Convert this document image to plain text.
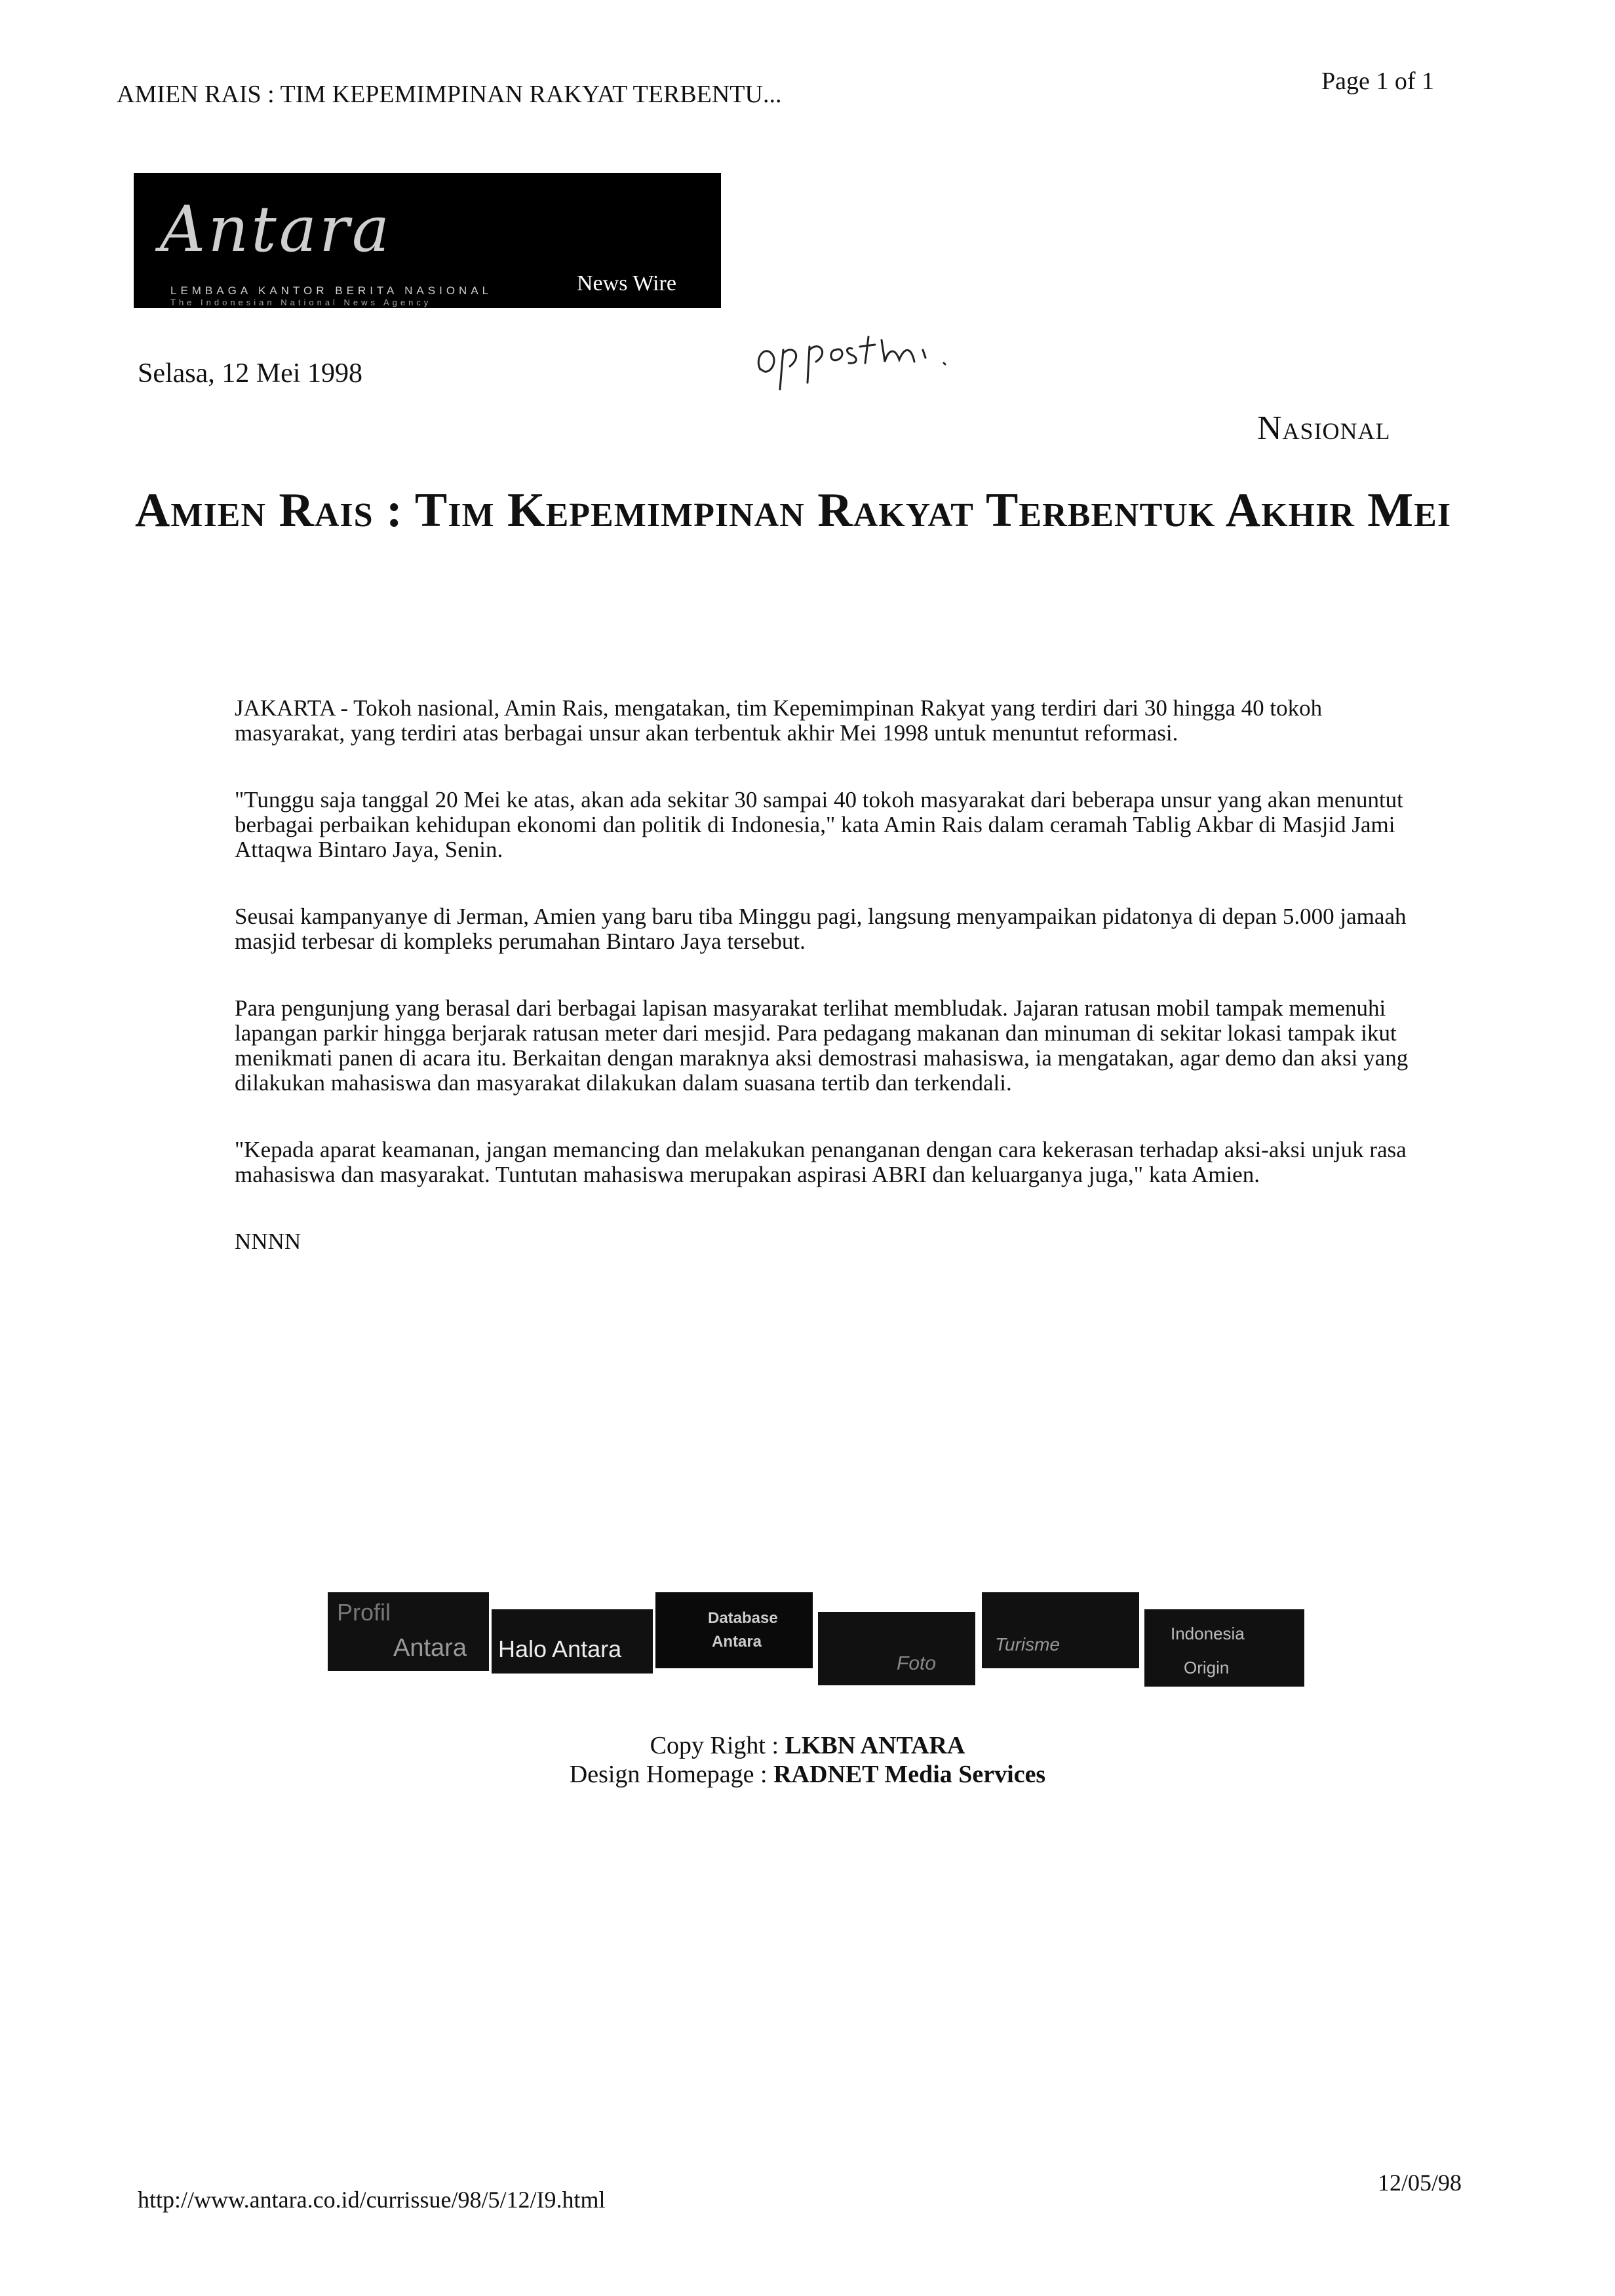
AMIEN RAIS : TIM KEPEMIMPINAN RAKYAT TERBENTU...	Page 1 of 1
Antara
LEMBAGA KANTOR BERITA NASIONAL
The Indonesian National News Agency
News Wire
Selasa, 12 Mei 1998
Nasional
Amien Rais : Tim Kepemimpinan Rakyat Terbentuk Akhir Mei

JAKARTA - Tokoh nasional, Amin Rais, mengatakan, tim Kepemimpinan Rakyat yang terdiri dari 30 hingga 40 tokoh masyarakat, yang terdiri atas berbagai unsur akan terbentuk akhir Mei 1998 untuk menuntut reformasi.

"Tunggu saja tanggal 20 Mei ke atas, akan ada sekitar 30 sampai 40 tokoh masyarakat dari beberapa unsur yang akan menuntut berbagai perbaikan kehidupan ekonomi dan politik di Indonesia," kata Amin Rais dalam ceramah Tablig Akbar di Masjid Jami Attaqwa Bintaro Jaya, Senin.

Seusai kampanyanye di Jerman, Amien yang baru tiba Minggu pagi, langsung menyampaikan pidatonya di depan 5.000 jamaah masjid terbesar di kompleks perumahan Bintaro Jaya tersebut.

Para pengunjung yang berasal dari berbagai lapisan masyarakat terlihat membludak. Jajaran ratusan mobil tampak memenuhi lapangan parkir hingga berjarak ratusan meter dari mesjid. Para pedagang makanan dan minuman di sekitar lokasi tampak ikut menikmati panen di acara itu. Berkaitan dengan maraknya aksi demostrasi mahasiswa, ia mengatakan, agar demo dan aksi yang dilakukan mahasiswa dan masyarakat dilakukan dalam suasana tertib dan terkendali.

"Kepada aparat keamanan, jangan memancing dan melakukan penanganan dengan cara kekerasan terhadap aksi-aksi unjuk rasa mahasiswa dan masyarakat. Tuntutan mahasiswa merupakan aspirasi ABRI dan keluarganya juga," kata Amien.

NNNN

Profil
Antara Halo Antara
Database
Antara
Foto
Turisme
Indonesia
Origin
Copy Right : LKBN ANTARA
Design Homepage : RADNET Media Services
http://www.antara.co.id/currissue/98/5/12/I9.html
12/05/98
